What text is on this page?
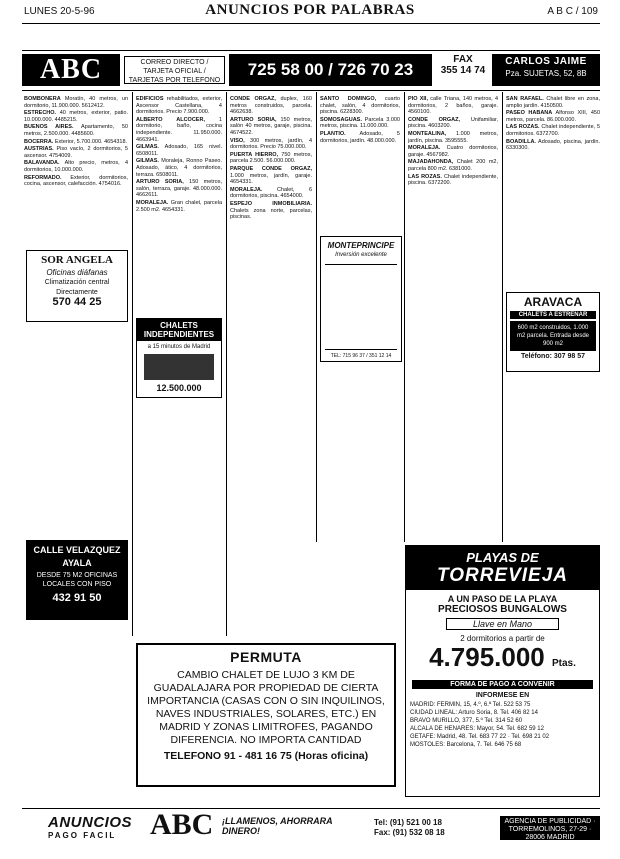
LUNES 20-5-96	ANUNCIOS POR PALABRAS	A B C / 109
ABC	CORREO DIRECTO / TARJETA OFICIAL / TARJETAS POR TELEFONO
725 58 00 / 726 70 23
FAX
355 14 74
CARLOS JAIME
Pza. SUJETAS, 52, 8B

BOMBONERA Moratín, 40 metros, un dormitorio, 11.900.000. 5612412.

ESTRECHO. 40 metros, exterior, patio. 10.000.000. 4485215.

BUENOS AIRES. Apartamento, 50 metros, 2.500.000. 4485600.

BOCERRA. Exterior, 5.700.000. 4654318.

AUSTRIAS. Piso vacío, 2 dormitorios, 5 ascensor. 4754009.

BALAVANDA. Alto precio, metros, 4 dormitorios, 10.000.000.

REFORMADO. Exterior, dormitorios, cocina, ascensor, calefacción. 4754016.

EDIFICIOS rehabilitados, exterior, Ascensor Castellana, 4 dormitorios. Precio 7.900.000.

ALBERTO ALCOCER,	1 dormitorio, baño, cocina independiente. 11.950.000. 4663941.

GILMAS. Adosado, 165 nivel. 6508011.

GILMAS. Moraleja, Ronno Paseo. Adosado, ático, 4 dormitorios, terraza. 6508011.

ARTURO SORIA, 150 metros, salón, terraza, garaje. 48.000.000. 4662611.

MORALEJA. Gran chalet, parcela 2.500 m2. 4654331.

CONDE ORGAZ, duplex, 160 metros construidos, parcela. 4662638.

ARTURO SORIA, 150 metros, salón 40 metros, garaje, piscina. 4674522.

VISO, 300 metros, jardín, 4 dormitorios. Precio 75.000.000.

PUERTA HIERRO, 750 metros, parcela 2.500. 56.000.000.

PARQUE CONDE ORGAZ, 1.000 metros, jardín, garaje. 4654331.

MORALEJA.	Chalet, 6 dormitorios, piscina. 4654000.

ESPEJO INMOBILIARIA. Chalets zona norte, parcelas, piscinas.

SANTO DOMINGO, cuarto chalet, salón, 4 dormitorios, piscina. 6228300.

SOMOSAGUAS. Parcela 3.000 metros, piscina. 11.000.000.

PLANTIO.	Adosado, 5 dormitorios, jardín. 48.000.000.

PIO XII, calle Triana, 140 metros, 4 dormitorios, 2 baños, garaje. 4560100.

CONDE ORGAZ, Unifamiliar, piscina. 4603200.

MONTEALINA, 1.000 metros, jardín, piscina. 3595555.

MORALEJA. Cuatro dormitorios, garaje. 4567982.

MAJADAHONDA, Chalet 200 m2, parcela 800 m2. 6381000.

LAS ROZAS. Chalet independiente, piscina. 6372200.

SAN RAFAEL. Chalet libre en zona, amplio jardín. 4150500.

PASEO HABANA Alfonso XIII, 450 metros, parcela. 86.000.000.

LAS ROZAS. Chalet independiente, 5 dormitorios. 6372700.

BOADILLA. Adosado, piscina, jardín. 6330300.

SOR ANGELA
Oficinas diáfanas
Climatización central
Directamente
570 44 25
CHALETS INDEPENDIENTES
a 15 minutos de Madrid
12.500.000
MONTEPRINCIPE
Inversión excelente
TEL: 715 96 37 / 351 12 14
ARAVACA
CHALETS A ESTRENAR
600 m2 construidos, 1.000 m2 parcela. Entrada desde 900 m2
Teléfono: 307 98 57
CALLE VELAZQUEZ
AYALA
DESDE 75 M2 OFICINAS LOCALES CON PISO
432 91 50
PERMUTA
CAMBIO CHALET DE LUJO 3 KM DE GUADALAJARA POR PROPIEDAD DE CIERTA IMPORTANCIA (CASAS CON O SIN INQUILINOS, NAVES INDUSTRIALES, SOLARES, ETC.) EN MADRID Y ZONAS LIMITROFES, PAGANDO DIFERENCIA. NO IMPORTA CANTIDAD
TELEFONO 91 - 481 16 75 (Horas oficina)
PLAYAS DE
TORREVIEJA
A UN PASO DE LA PLAYA
PRECIOSOS BUNGALOWS
Llave en Mano
2 dormitorios a partir de
4.795.000 Ptas.
FORMA DE PAGO A CONVENIR
INFORMESE EN
MADRID: FERMIN, 15, 4.º, 6.ª Tel. 522 53 75
CIUDAD LINEAL: Arturo Soria, 8. Tel. 406 82 14
BRAVO MURILLO, 377, 5.º Tel. 314 52 60
ALCALA DE HENARES: Mayor, 54. Tel. 682 59 12
GETAFE: Madrid, 48. Tel. 683 77 22 · Tel. 698 21 02
MOSTOLES: Barcelona, 7. Tel. 646 75 68
ANUNCIOS
PAGO FACIL	ABC ¡LLAMENOS, AHORRARA DINERO!
Tel: (91) 521 00 18
Fax: (91) 532 08 18
AGENCIA DE PUBLICIDAD · TORREMOLINOS, 27-29 · 28006 MADRID
